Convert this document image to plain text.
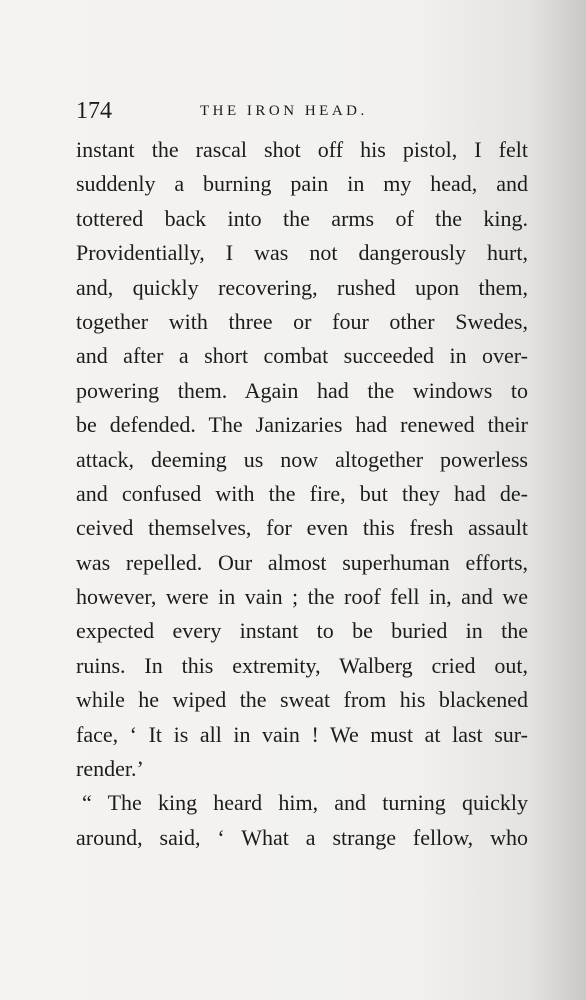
174	THE IRON HEAD.
instant the rascal shot off his pistol, I felt
suddenly a burning pain in my head, and
tottered back into the arms of the king.
Providentially, I was not dangerously hurt,
and, quickly recovering, rushed upon them,
together with three or four other Swedes,
and after a short combat succeeded in over-
powering them. Again had the windows to
be defended. The Janizaries had renewed their
attack, deeming us now altogether powerless
and confused with the fire, but they had de-
ceived themselves, for even this fresh assault
was repelled. Our almost superhuman efforts,
however, were in vain ; the roof fell in, and we
expected every instant to be buried in the
ruins. In this extremity, Walberg cried out,
while he wiped the sweat from his blackened
face, ‘ It is all in vain ! We must at last sur-
render.’
“ The king heard him, and turning quickly
around, said, ‘ What a strange fellow, who
